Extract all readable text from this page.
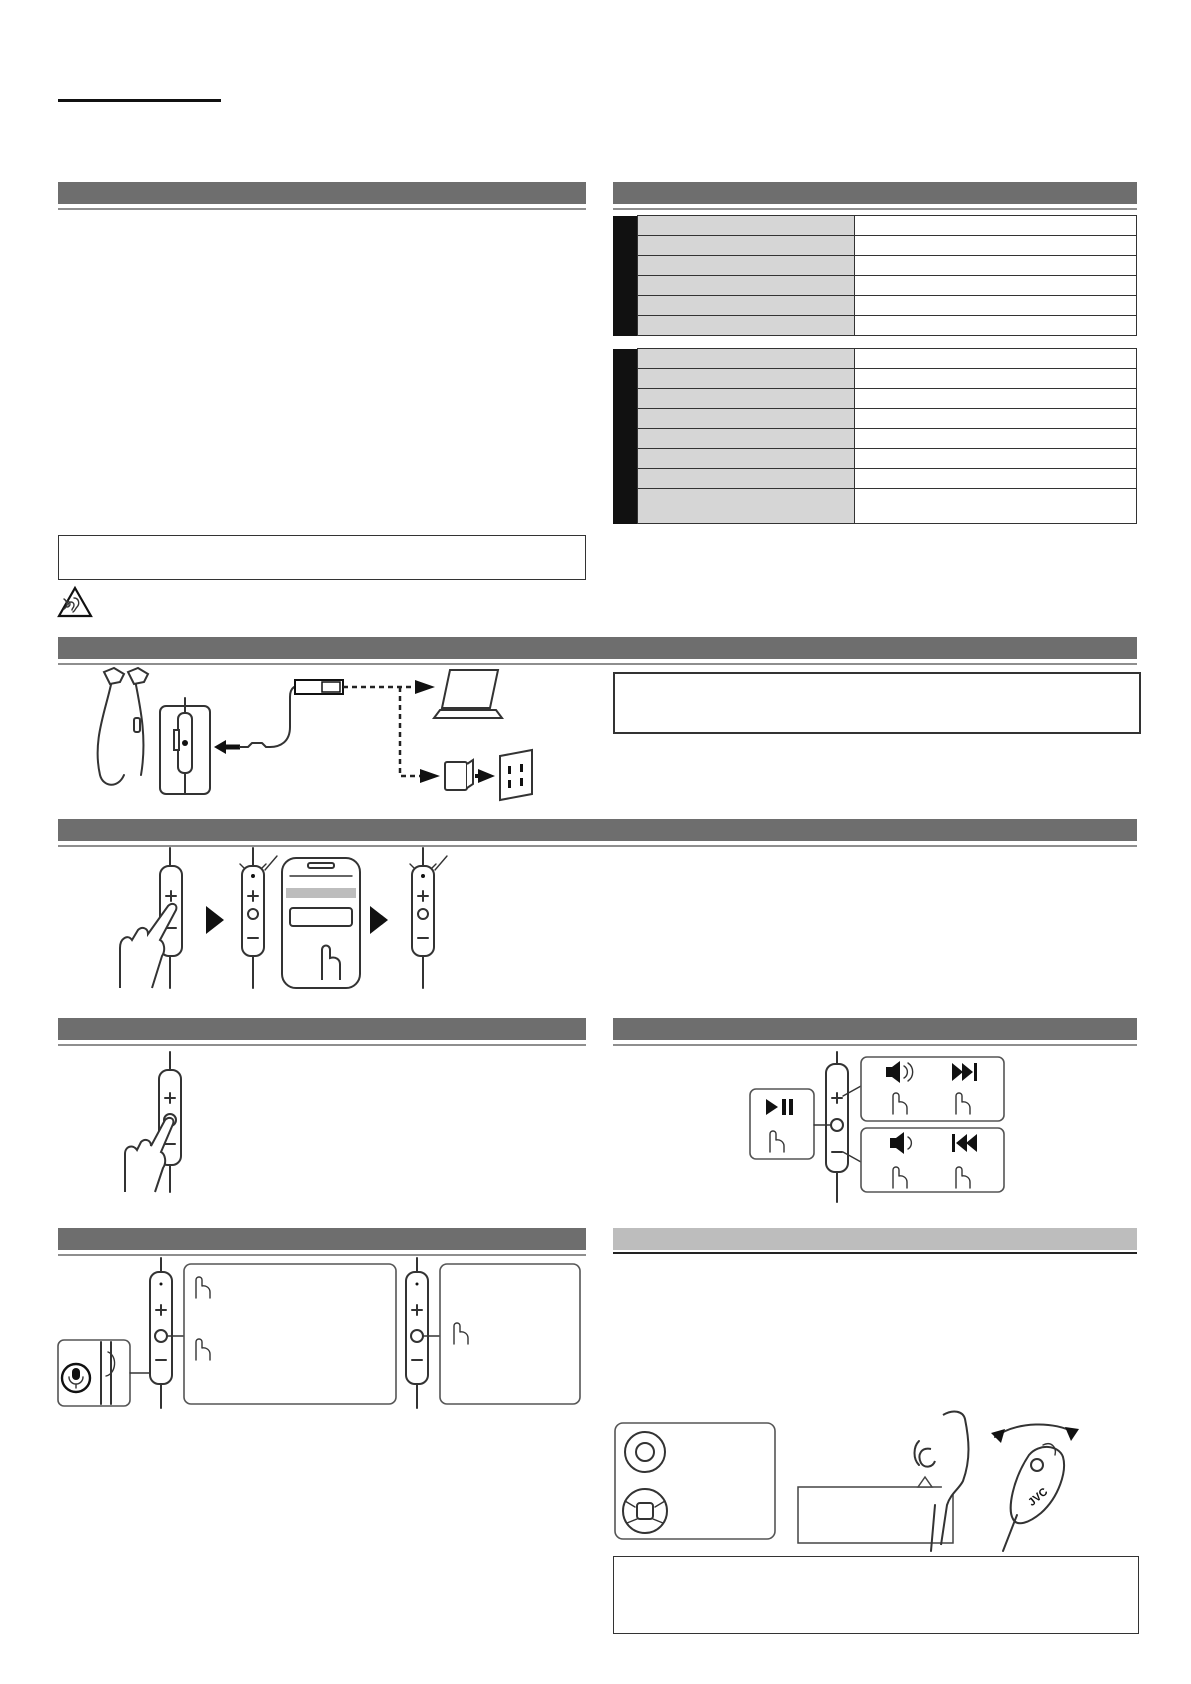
JVC
